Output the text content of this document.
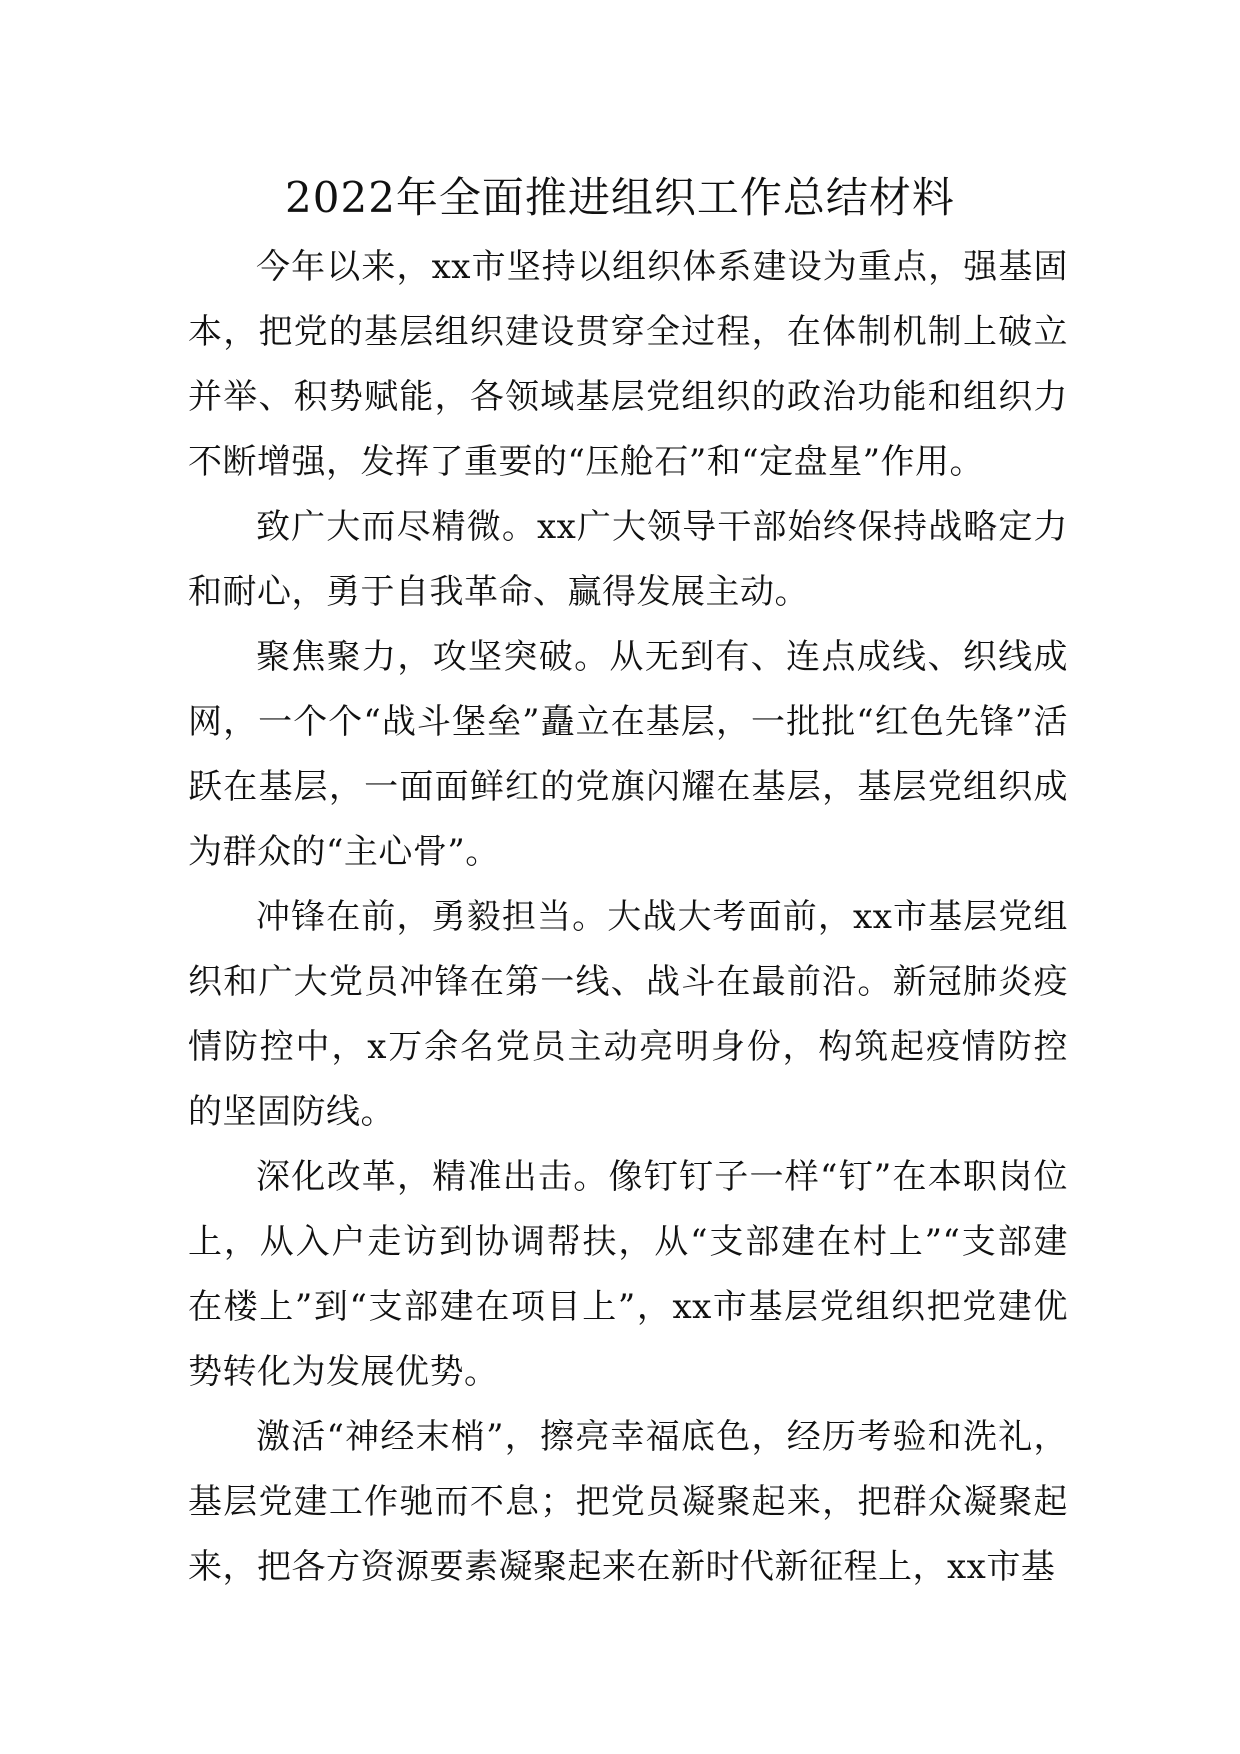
2022年全面推进组织工作总结材料

今年以来，xx市坚持以组织体系建设为重点，强基固本，把党的基层组织建设贯穿全过程，在体制机制上破立并举、积势赋能，各领域基层党组织的政治功能和组织力不断增强，发挥了重要的“压舱石”和“定盘星”作用。

致广大而尽精微。xx广大领导干部始终保持战略定力和耐心，勇于自我革命、赢得发展主动。

聚焦聚力，攻坚突破。从无到有、连点成线、织线成网，一个个“战斗堡垒”矗立在基层，一批批“红色先锋”活跃在基层，一面面鲜红的党旗闪耀在基层，基层党组织成为群众的“主心骨”。

冲锋在前，勇毅担当。大战大考面前，xx市基层党组织和广大党员冲锋在第一线、战斗在最前沿。新冠肺炎疫情防控中，x万余名党员主动亮明身份，构筑起疫情防控的坚固防线。

深化改革，精准出击。像钉钉子一样“钉”在本职岗位上，从入户走访到协调帮扶，从“支部建在村上”“支部建在楼上”到“支部建在项目上”，xx市基层党组织把党建优势转化为发展优势。

激活“神经末梢”，擦亮幸福底色，经历考验和洗礼，基层党建工作驰而不息；把党员凝聚起来，把群众凝聚起来，把各方资源要素凝聚起来在新时代新征程上，xx市基
